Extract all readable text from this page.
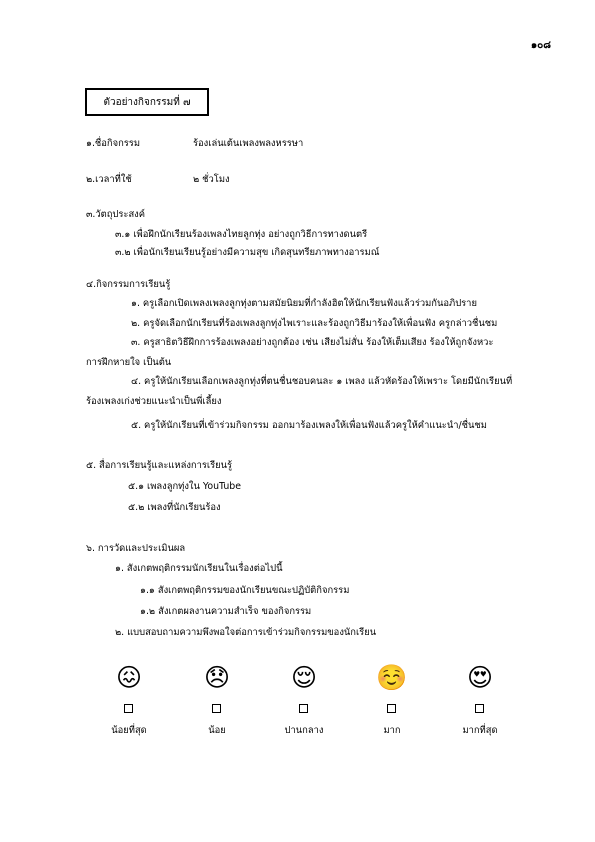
๑๐๘
ตัวอย่างกิจกรรมที่ ๗
๑.ชื่อกิจกรรม	ร้องเล่นเต้นเพลงพลงหรรษา
๒.เวลาที่ใช้	๒ ชั่วโมง
๓.วัตถุประสงค์
๓.๑ เพื่อฝึกนักเรียนร้องเพลงไทยลูกทุ่ง อย่างถูกวิธีการทางดนตรี
๓.๒ เพื่อนักเรียนเรียนรู้อย่างมีความสุข เกิดสุนทรียภาพทางอารมณ์
๔.กิจกรรมการเรียนรู้
๑. ครูเลือกเปิดเพลงเพลงลูกทุ่งตามสมัยนิยมที่กำลังฮิตให้นักเรียนฟังแล้วร่วมกันอภิปราย
๒. ครูจัดเลือกนักเรียนที่ร้องเพลงลูกทุ่งไพเราะและร้องถูกวิธีมาร้องให้เพื่อนฟัง ครูกล่าวชื่นชม
๓. ครูสาธิตวิธีฝึกการร้องเพลงอย่างถูกต้อง เช่น เสียงไม่สั่น ร้องให้เต็มเสียง ร้องให้ถูกจังหวะ
การฝึกหายใจ เป็นต้น
๔. ครูให้นักเรียนเลือกเพลงลูกทุ่งที่ตนชื่นชอบคนละ ๑ เพลง แล้วหัดร้องให้เพราะ โดยมีนักเรียนที่
ร้องเพลงเก่งช่วยแนะนำเป็นพี่เลี้ยง
๕. ครูให้นักเรียนที่เข้าร่วมกิจกรรม ออกมาร้องเพลงให้เพื่อนฟังแล้วครูให้คำแนะนำ/ชื่นชม
๕. สื่อการเรียนรู้และแหล่งการเรียนรู้
๕.๑ เพลงลูกทุ่งใน YouTube
๕.๒ เพลงที่นักเรียนร้อง
๖. การวัดและประเมินผล
๑. สังเกตพฤติกรรมนักเรียนในเรื่องต่อไปนี้
๑.๑ สังเกตพฤติกรรมของนักเรียนขณะปฏิบัติกิจกรรม
๑.๒ สังเกตผลงานความสำเร็จ ของกิจกรรม
๒. แบบสอบถามความพึงพอใจต่อการเข้าร่วมกิจกรรมของนักเรียน
😖 😞 😌 ☺️ 😍
น้อยที่สุด	น้อย	ปานกลาง	มาก	มากที่สุด
